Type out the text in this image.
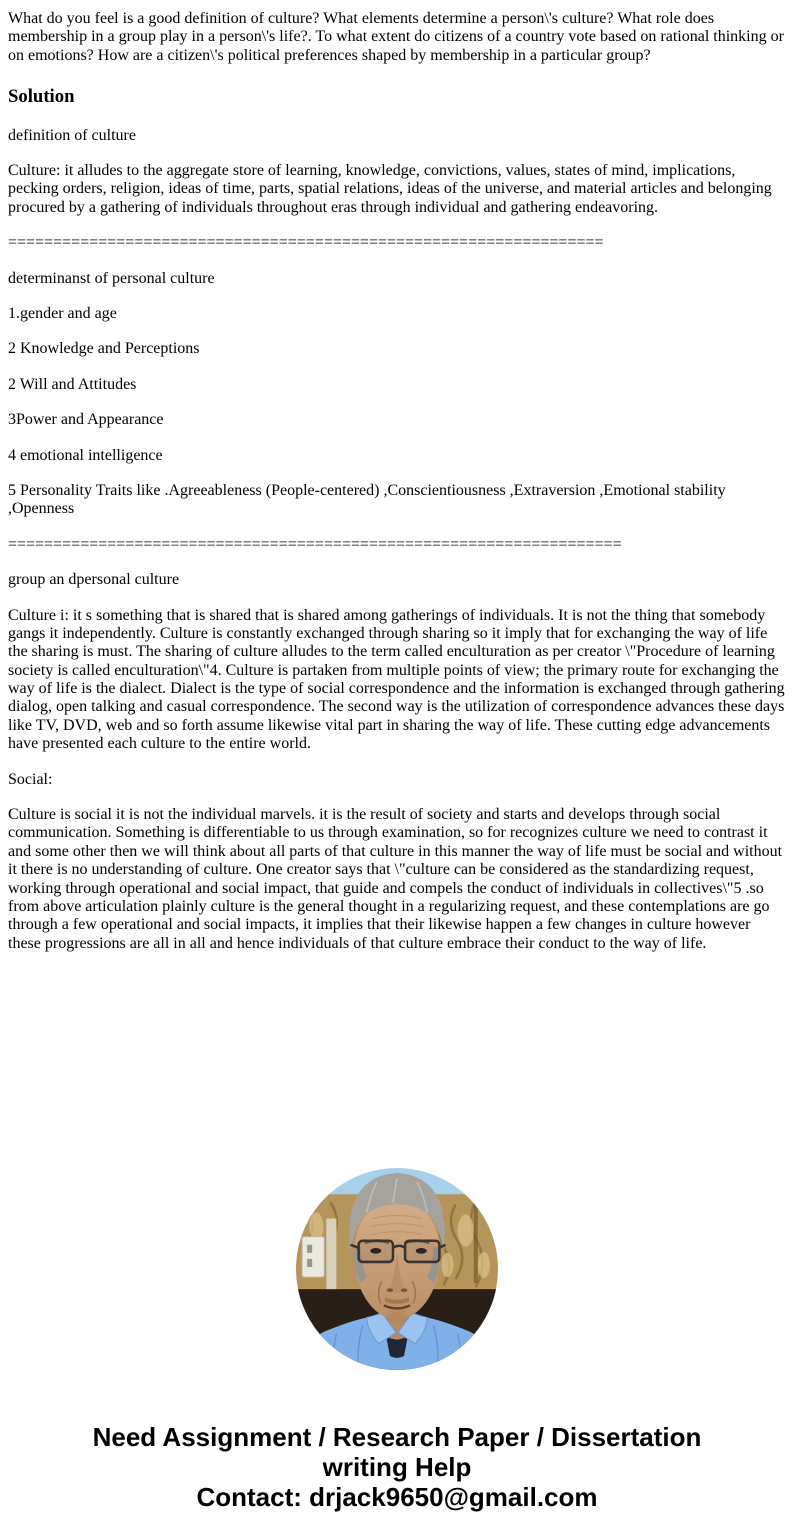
What do you feel is a good definition of culture? What elements determine a person\'s culture? What role does membership in a group play in a person\'s life?. To what extent do citizens of a country vote based on rational thinking or on emotions? How are a citizen\'s political preferences shaped by membership in a particular group?

Solution

definition of culture

Culture: it alludes to the aggregate store of learning, knowledge, convictions, values, states of mind, implications, pecking orders, religion, ideas of time, parts, spatial relations, ideas of the universe, and material articles and belonging procured by a gathering of individuals throughout eras through individual and gathering endeavoring.

==================================================================

determinanst of personal culture

1.gender and age

2 Knowledge and Perceptions

2 Will and Attitudes

3Power and Appearance

4 emotional intelligence

5 Personality Traits like .Agreeableness (People-centered) ,Conscientiousness ,Extraversion ,Emotional stability ,Openness

====================================================================

group an dpersonal culture

Culture i: it s something that is shared that is shared among gatherings of individuals. It is not the thing that somebody gangs it independently. Culture is constantly exchanged through sharing so it imply that for exchanging the way of life the sharing is must. The sharing of culture alludes to the term called enculturation as per creator \"Procedure of learning society is called enculturation\"4. Culture is partaken from multiple points of view; the primary route for exchanging the way of life is the dialect. Dialect is the type of social correspondence and the information is exchanged through gathering dialog, open talking and casual correspondence. The second way is the utilization of correspondence advances these days like TV, DVD, web and so forth assume likewise vital part in sharing the way of life. These cutting edge advancements have presented each culture to the entire world.

Social:

Culture is social it is not the individual marvels. it is the result of society and starts and develops through social communication. Something is differentiable to us through examination, so for recognizes culture we need to contrast it and some other then we will think about all parts of that culture in this manner the way of life must be social and without it there is no understanding of culture. One creator says that \"culture can be considered as the standardizing request, working through operational and social impact, that guide and compels the conduct of individuals in collectives\"5 .so from above articulation plainly culture is the general thought in a regularizing request, and these contemplations are go through a few operational and social impacts, it implies that their likewise happen a few changes in culture however these progressions are all in all and hence individuals of that culture embrace their conduct to the way of life.

Need Assignment / Research Paper / Dissertation
writing Help
Contact: drjack9650@gmail.com
